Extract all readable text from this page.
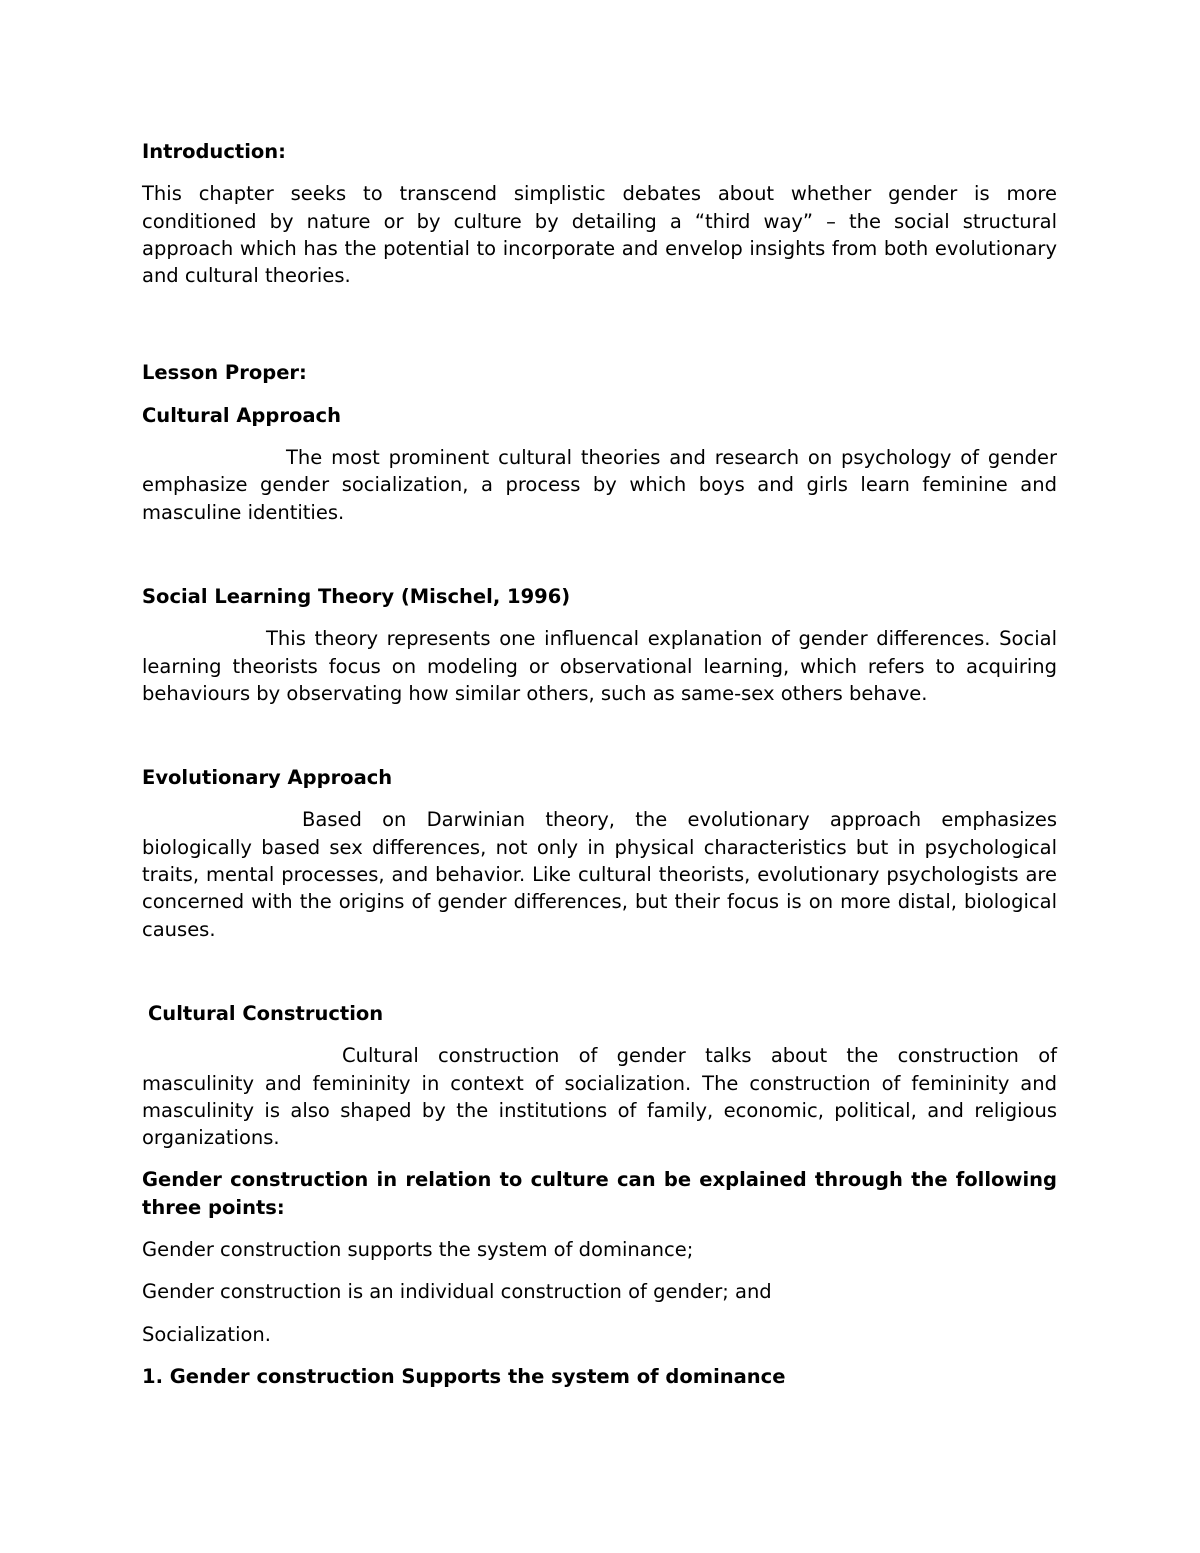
Introduction:

This chapter seeks to transcend simplistic debates about whether gender is more conditioned by nature or by culture by detailing a “third way” – the social structural approach which has the potential to incorporate and envelop insights from both evolutionary and cultural theories.

Lesson Proper:

Cultural Approach

The most prominent cultural theories and research on psychology of gender emphasize gender socialization, a process by which boys and girls learn feminine and masculine identities.

Social Learning Theory (Mischel, 1996)

This theory represents one influencal explanation of gender differences. Social learning theorists focus on modeling or observational learning, which refers to acquiring behaviours by observating how similar others, such as same-sex others behave.

Evolutionary Approach

Based on Darwinian theory, the evolutionary approach emphasizes biologically based sex differences, not only in physical characteristics but in psychological traits, mental processes, and behavior. Like cultural theorists, evolutionary psychologists are concerned with the origins of gender differences, but their focus is on more distal, biological causes.

Cultural Construction

Cultural construction of gender talks about the construction of masculinity and femininity in context of socialization. The construction of femininity and masculinity is also shaped by the institutions of family, economic, political, and religious organizations.

Gender construction in relation to culture can be explained through the following three points:

Gender construction supports the system of dominance;

Gender construction is an individual construction of gender; and

Socialization.

1. Gender construction Supports the system of dominance
